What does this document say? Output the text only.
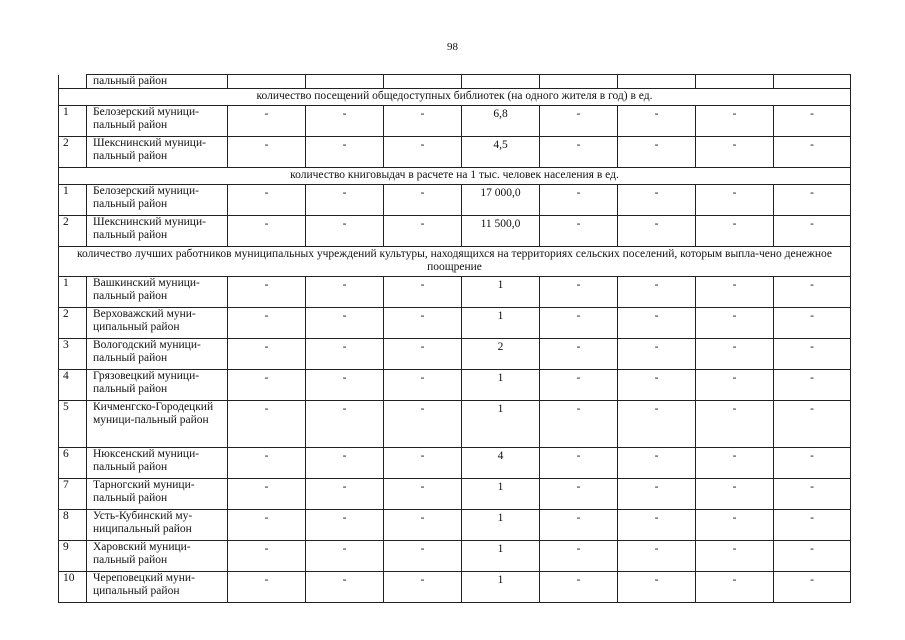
98
	пальный район								
количество посещений общедоступных библиотек (на одного жителя в год) в ед.									
1	Белозерский муници-пальный район	-	-	-	6,8	-	-	-	-
2	Шекснинский муници-пальный район	-	-	-	4,5	-	-	-	-
количество книговыдач в расчете на 1 тыс. человек населения в ед.									
1	Белозерский муници-пальный район	-	-	-	17 000,0	-	-	-	-
2	Шекснинский муници-пальный район	-	-	-	11 500,0	-	-	-	-
количество лучших работников муниципальных учреждений культуры, находящихся на территориях сельских поселений, которым выпла-чено денежное поощрение									
1	Вашкинский муници-пальный район	-	-	-	1	-	-	-	-
2	Верховажский муни-ципальный район	-	-	-	1	-	-	-	-
3	Вологодский муници-пальный район	-	-	-	2	-	-	-	-
4	Грязовецкий муници-пальный район	-	-	-	1	-	-	-	-
5	Кичменгско-Городецкий муници-пальный район	-	-	-	1	-	-	-	-
6	Нюксенский муници-пальный район	-	-	-	4	-	-	-	-
7	Тарногский муници-пальный район	-	-	-	1	-	-	-	-
8	Усть-Кубинский му-ниципальный район	-	-	-	1	-	-	-	-
9	Харовский муници-пальный район	-	-	-	1	-	-	-	-
10	Череповецкий муни-ципальный район	-	-	-	1	-	-	-	-
